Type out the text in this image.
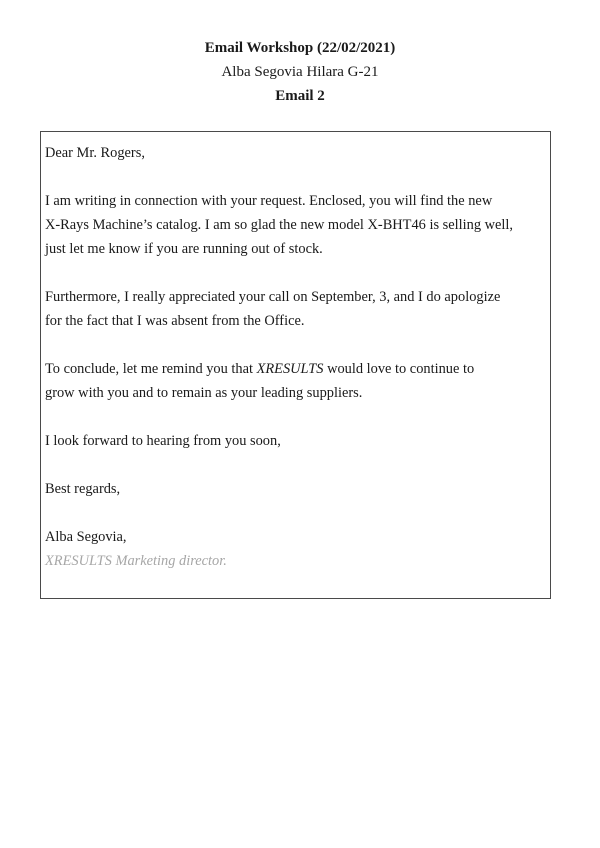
Email Workshop (22/02/2021)
Alba Segovia Hilara G-21
Email 2

Dear Mr. Rogers,

I am writing in connection with your request. Enclosed, you will find the new
X-Rays Machine’s catalog. I am so glad the new model X-BHT46 is selling well,
just let me know if you are running out of stock.

Furthermore, I really appreciated your call on September, 3, and I do apologize
for the fact that I was absent from the Office.

To conclude, let me remind you that XRESULTS would love to continue to
grow with you and to remain as your leading suppliers.

I look forward to hearing from you soon,

Best regards,

Alba Segovia,

XRESULTS Marketing director.
